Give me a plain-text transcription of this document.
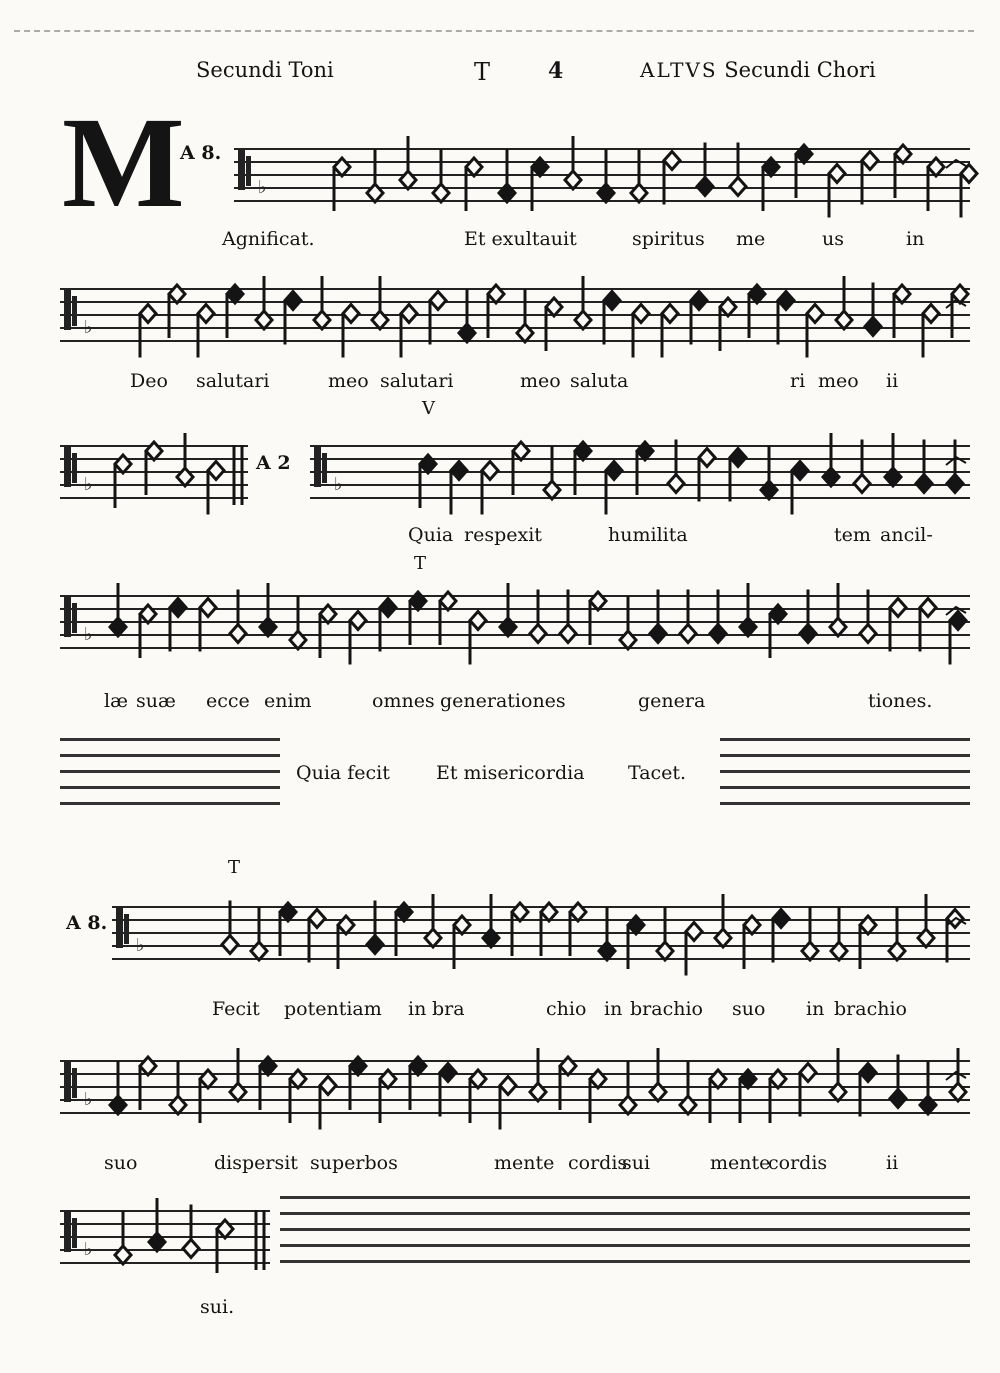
Secundi Toni	T	4	ALTVS Secundi Chori
M
A 8.
A 2
A 8.
V
T
T
♭
♭
♭	♭
♭
♭
♭
♭
Agnificat.	Et exultauit	spiritus me	us	in
Deo salutari	meo salutari	meo saluta	ri meo ii
Quia respexit	humilita	tem ancil-
læ suæ ecce enim	omnes generationes	genera	tiones.
Quia fecit Et misericordia Tacet.
Fecit potentiam in bra	chio in brachio suo in brachio
suo	dispersit superbos	mente cordis
sui	mente
cordis	ii
sui.
